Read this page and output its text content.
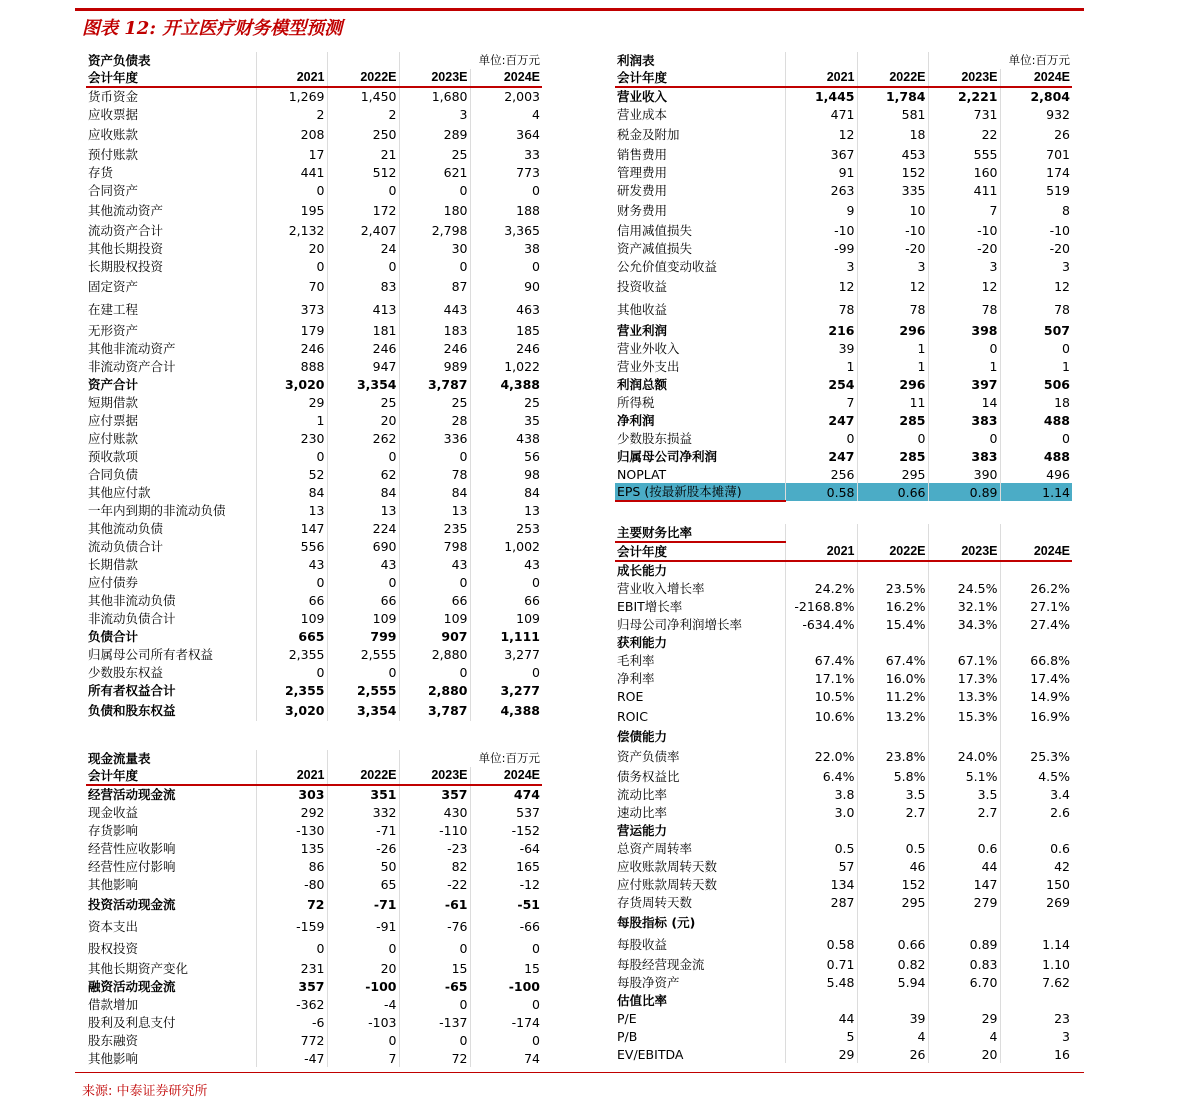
图表 12: 开立医疗财务模型预测
资产负债表			单位:百万元	
会计年度	2021	2022E	2023E	2024E
货币资金	1,269	1,450	1,680	2,003
应收票据	2	2	3	4
应收账款	208	250	289	364
预付账款	17	21	25	33
存货	441	512	621	773
合同资产	0	0	0	0
其他流动资产	195	172	180	188
流动资产合计	2,132	2,407	2,798	3,365
其他长期投资	20	24	30	38
长期股权投资	0	0	0	0
固定资产	70	83	87	90
在建工程	373	413	443	463
无形资产	179	181	183	185
其他非流动资产	246	246	246	246
非流动资产合计	888	947	989	1,022
资产合计	3,020	3,354	3,787	4,388
短期借款	29	25	25	25
应付票据	1	20	28	35
应付账款	230	262	336	438
预收款项	0	0	0	56
合同负债	52	62	78	98
其他应付款	84	84	84	84
一年内到期的非流动负债	13	13	13	13
其他流动负债	147	224	235	253
流动负债合计	556	690	798	1,002
长期借款	43	43	43	43
应付债券	0	0	0	0
其他非流动负债	66	66	66	66
非流动负债合计	109	109	109	109
负债合计	665	799	907	1,111
归属母公司所有者权益	2,355	2,555	2,880	3,277
少数股东权益	0	0	0	0
所有者权益合计	2,355	2,555	2,880	3,277
负债和股东权益	3,020	3,354	3,787	4,388
现金流量表			单位:百万元	
会计年度	2021	2022E	2023E	2024E
经营活动现金流	303	351	357	474
现金收益	292	332	430	537
存货影响	-130	-71	-110	-152
经营性应收影响	135	-26	-23	-64
经营性应付影响	86	50	82	165
其他影响	-80	65	-22	-12
投资活动现金流	72	-71	-61	-51
资本支出	-159	-91	-76	-66
股权投资	0	0	0	0
其他长期资产变化	231	20	15	15
融资活动现金流	357	-100	-65	-100
借款增加	-362	-4	0	0
股利及利息支付	-6	-103	-137	-174
股东融资	772	0	0	0
其他影响	-47	7	72	74
利润表			单位:百万元	
会计年度	2021	2022E	2023E	2024E
营业收入	1,445	1,784	2,221	2,804
营业成本	471	581	731	932
税金及附加	12	18	22	26
销售费用	367	453	555	701
管理费用	91	152	160	174
研发费用	263	335	411	519
财务费用	9	10	7	8
信用减值损失	-10	-10	-10	-10
资产减值损失	-99	-20	-20	-20
公允价值变动收益	3	3	3	3
投资收益	12	12	12	12
其他收益	78	78	78	78
营业利润	216	296	398	507
营业外收入	39	1	0	0
营业外支出	1	1	1	1
利润总额	254	296	397	506
所得税	7	11	14	18
净利润	247	285	383	488
少数股东损益	0	0	0	0
归属母公司净利润	247	285	383	488
NOPLAT	256	295	390	496
EPS (按最新股本摊薄)	0.58	0.66	0.89	1.14
主要财务比率				
会计年度	2021	2022E	2023E	2024E
成长能力				
营业收入增长率	24.2%	23.5%	24.5%	26.2%
EBIT增长率	-2168.8%	16.2%	32.1%	27.1%
归母公司净利润增长率	-634.4%	15.4%	34.3%	27.4%
获利能力				
毛利率	67.4%	67.4%	67.1%	66.8%
净利率	17.1%	16.0%	17.3%	17.4%
ROE	10.5%	11.2%	13.3%	14.9%
ROIC	10.6%	13.2%	15.3%	16.9%
偿债能力				
资产负债率	22.0%	23.8%	24.0%	25.3%
债务权益比	6.4%	5.8%	5.1%	4.5%
流动比率	3.8	3.5	3.5	3.4
速动比率	3.0	2.7	2.7	2.6
营运能力				
总资产周转率	0.5	0.5	0.6	0.6
应收账款周转天数	57	46	44	42
应付账款周转天数	134	152	147	150
存货周转天数	287	295	279	269
每股指标 (元)				
每股收益	0.58	0.66	0.89	1.14
每股经营现金流	0.71	0.82	0.83	1.10
每股净资产	5.48	5.94	6.70	7.62
估值比率				
P/E	44	39	29	23
P/B	5	4	4	3
EV/EBITDA	29	26	20	16
来源: 中泰证券研究所
